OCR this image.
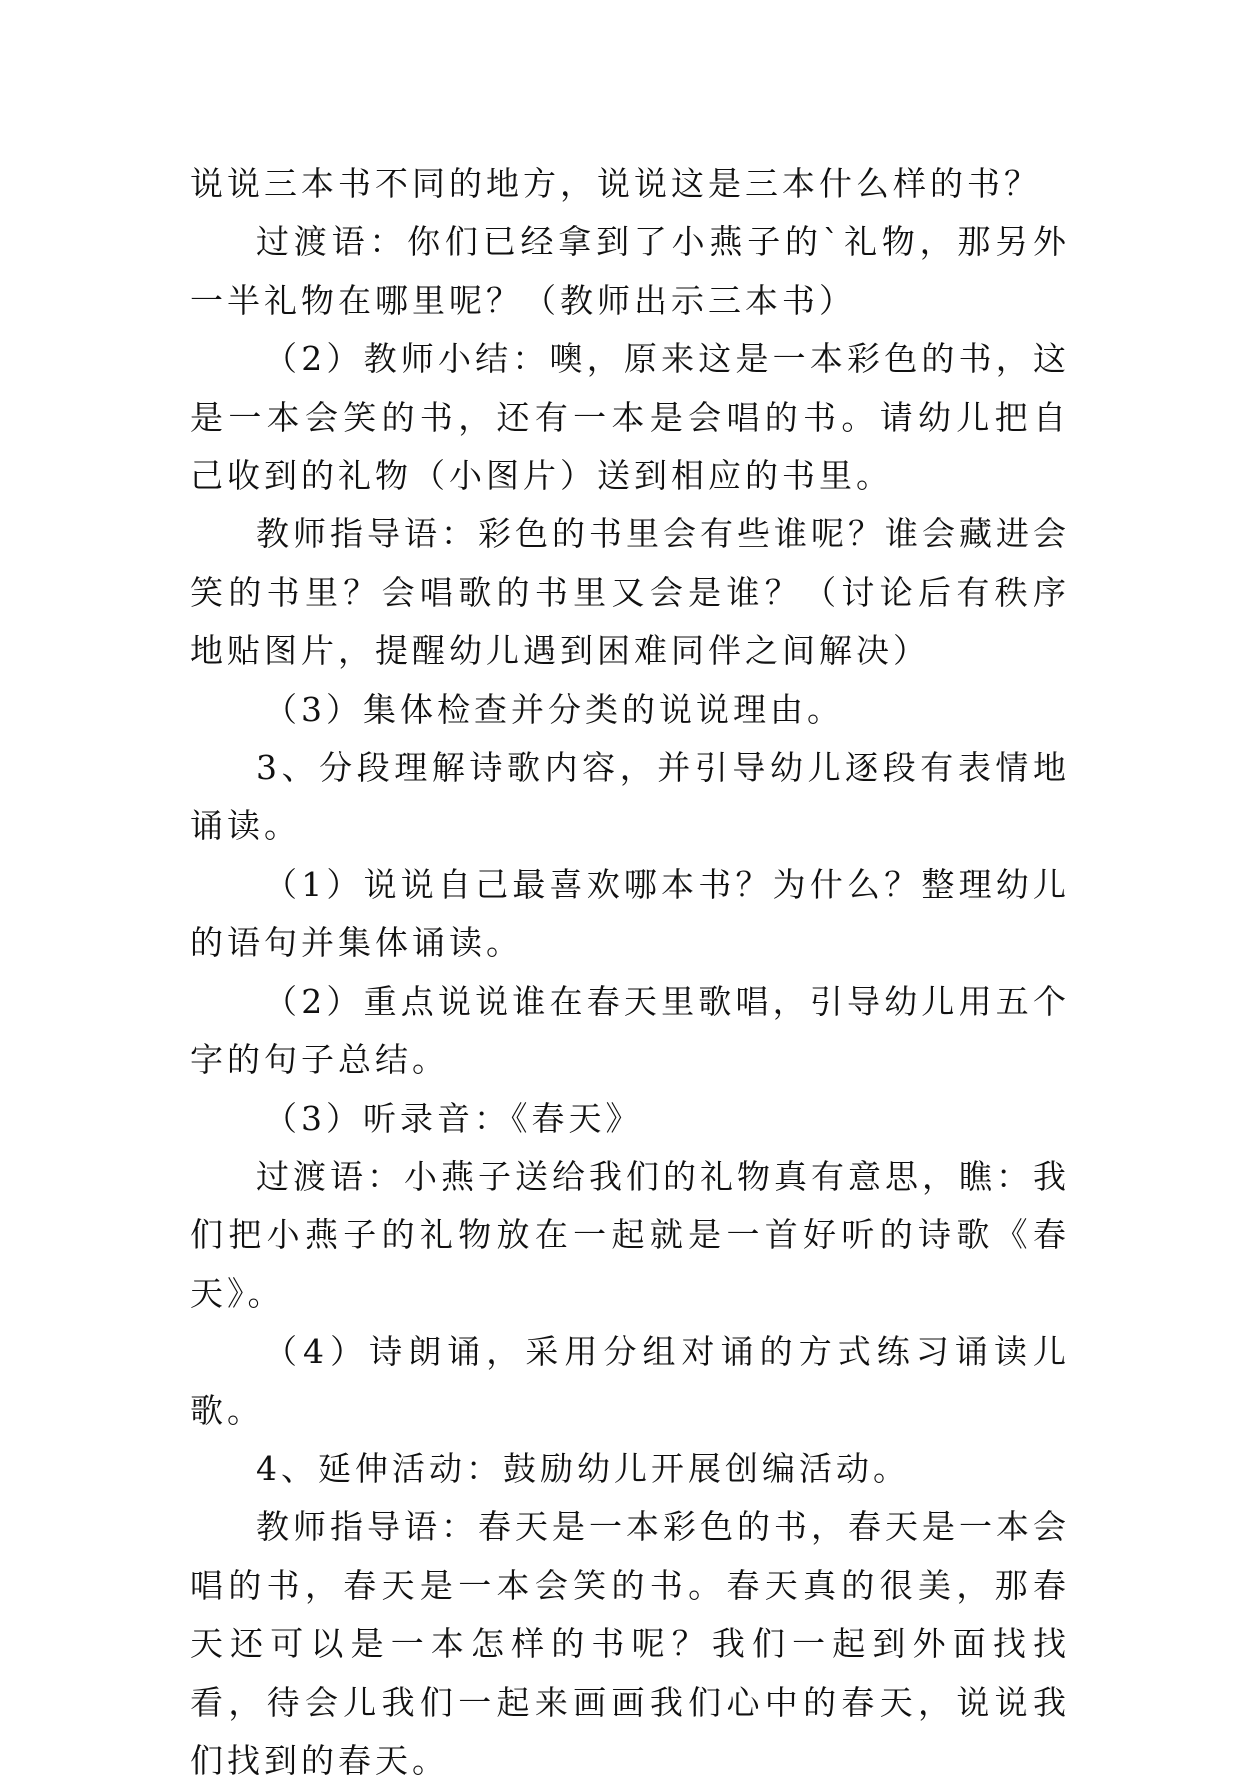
说说三本书不同的地方，说说这是三本什么样的书？

过渡语：你们已经拿到了小燕子的`礼物，那另外一半礼物在哪里呢？（教师出示三本书）

（2）教师小结：噢，原来这是一本彩色的书，这是一本会笑的书，还有一本是会唱的书。请幼儿把自己收到的礼物（小图片）送到相应的书里。

教师指导语：彩色的书里会有些谁呢？谁会藏进会笑的书里？会唱歌的书里又会是谁？（讨论后有秩序地贴图片，提醒幼儿遇到困难同伴之间解决）

（3）集体检查并分类的说说理由。

3、分段理解诗歌内容，并引导幼儿逐段有表情地诵读。

（1）说说自己最喜欢哪本书？为什么？整理幼儿的语句并集体诵读。

（2）重点说说谁在春天里歌唱，引导幼儿用五个字的句子总结。

（3）听录音：《春天》

过渡语：小燕子送给我们的礼物真有意思，瞧：我们把小燕子的礼物放在一起就是一首好听的诗歌《春天》。

（4）诗朗诵，采用分组对诵的方式练习诵读儿歌。

4、延伸活动：鼓励幼儿开展创编活动。

教师指导语：春天是一本彩色的书，春天是一本会唱的书，春天是一本会笑的书。春天真的很美，那春天还可以是一本怎样的书呢？我们一起到外面找找看，待会儿我们一起来画画我们心中的春天，说说我们找到的春天。
